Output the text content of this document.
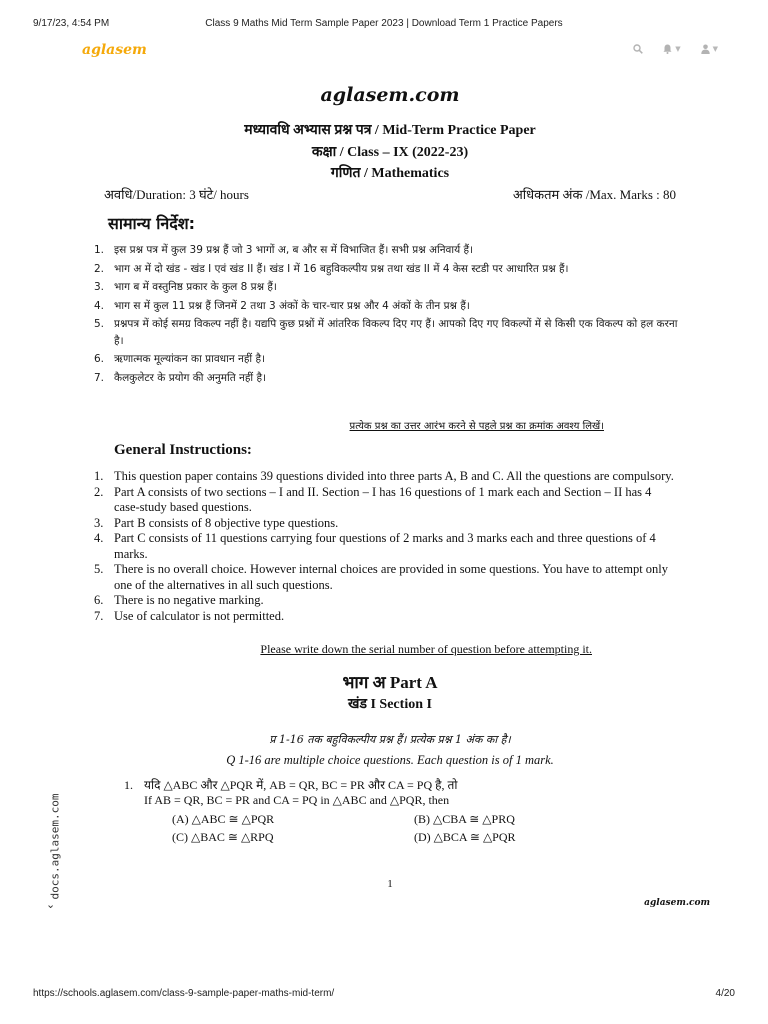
9/17/23, 4:54 PM	Class 9 Maths Mid Term Sample Paper 2023 | Download Term 1 Practice Papers
aglasem	▼	▼
aglasem.com
मध्यावधि अभ्यास प्रश्न पत्र / Mid-Term Practice Paper
कक्षा / Class – IX (2022-23)
गणित / Mathematics
अवधि/Duration: 3 घंटे/ hours	अधिकतम अंक /Max. Marks : 80
सामान्य निर्देश:
1. इस प्रश्न पत्र में कुल 39 प्रश्न हैं जो 3 भागों अ, ब और स में विभाजित हैं। सभी प्रश्न अनिवार्य हैं।
2. भाग अ में दो खंड - खंड I एवं खंड II हैं। खंड I में 16 बहुविकल्पीय प्रश्न तथा खंड II में 4 केस स्टडी पर आधारित प्रश्न हैं।
3. भाग ब में वस्तुनिष्ठ प्रकार के कुल 8 प्रश्न हैं।
4. भाग स में कुल 11 प्रश्न हैं जिनमें 2 तथा 3 अंकों के चार-चार प्रश्न और 4 अंकों के तीन प्रश्न हैं।
5. प्रश्नपत्र में कोई समग्र विकल्प नहीं है। यद्यपि कुछ प्रश्नों में आंतरिक विकल्प दिए गए हैं। आपको दिए गए विकल्पों में से किसी एक विकल्प को हल करना है।
6. ऋणात्मक मूल्यांकन का प्रावधान नहीं है।
7. कैलकुलेटर के प्रयोग की अनुमति नहीं है।
प्रत्येक प्रश्न का उत्तर आरंभ करने से पहले प्रश्न का क्रमांक अवश्य लिखें।
General Instructions:
1. This question paper contains 39 questions divided into three parts A, B and C. All the questions are compulsory.
2. Part A consists of two sections – I and II. Section – I has 16 questions of 1 mark each and Section – II has 4 case-study based questions.
3. Part B consists of 8 objective type questions.
4. Part C consists of 11 questions carrying four questions of 2 marks and 3 marks each and three questions of 4 marks.
5. There is no overall choice. However internal choices are provided in some questions. You have to attempt only one of the alternatives in all such questions.
6. There is no negative marking.
7. Use of calculator is not permitted.
Please write down the serial number of question before attempting it.
भाग अ Part A
खंड I Section I
प्र 1-16 तक बहुविकल्पीय प्रश्न हैं। प्रत्येक प्रश्न 1 अंक का है।
Q 1-16 are multiple choice questions. Each question is of 1 mark.
1. यदि △ABC और △PQR में, AB = QR, BC = PR और CA = PQ है, तो
If AB = QR, BC = PR and CA = PQ in △ABC and △PQR, then
(A) △ABC ≅ △PQR	(B) △CBA ≅ △PRQ
(C) △BAC ≅ △RPQ	(D) △BCA ≅ △PQR
1
aglasem.com
docs.aglasem.com
⌄
https://schools.aglasem.com/class-9-sample-paper-maths-mid-term/	4/20
